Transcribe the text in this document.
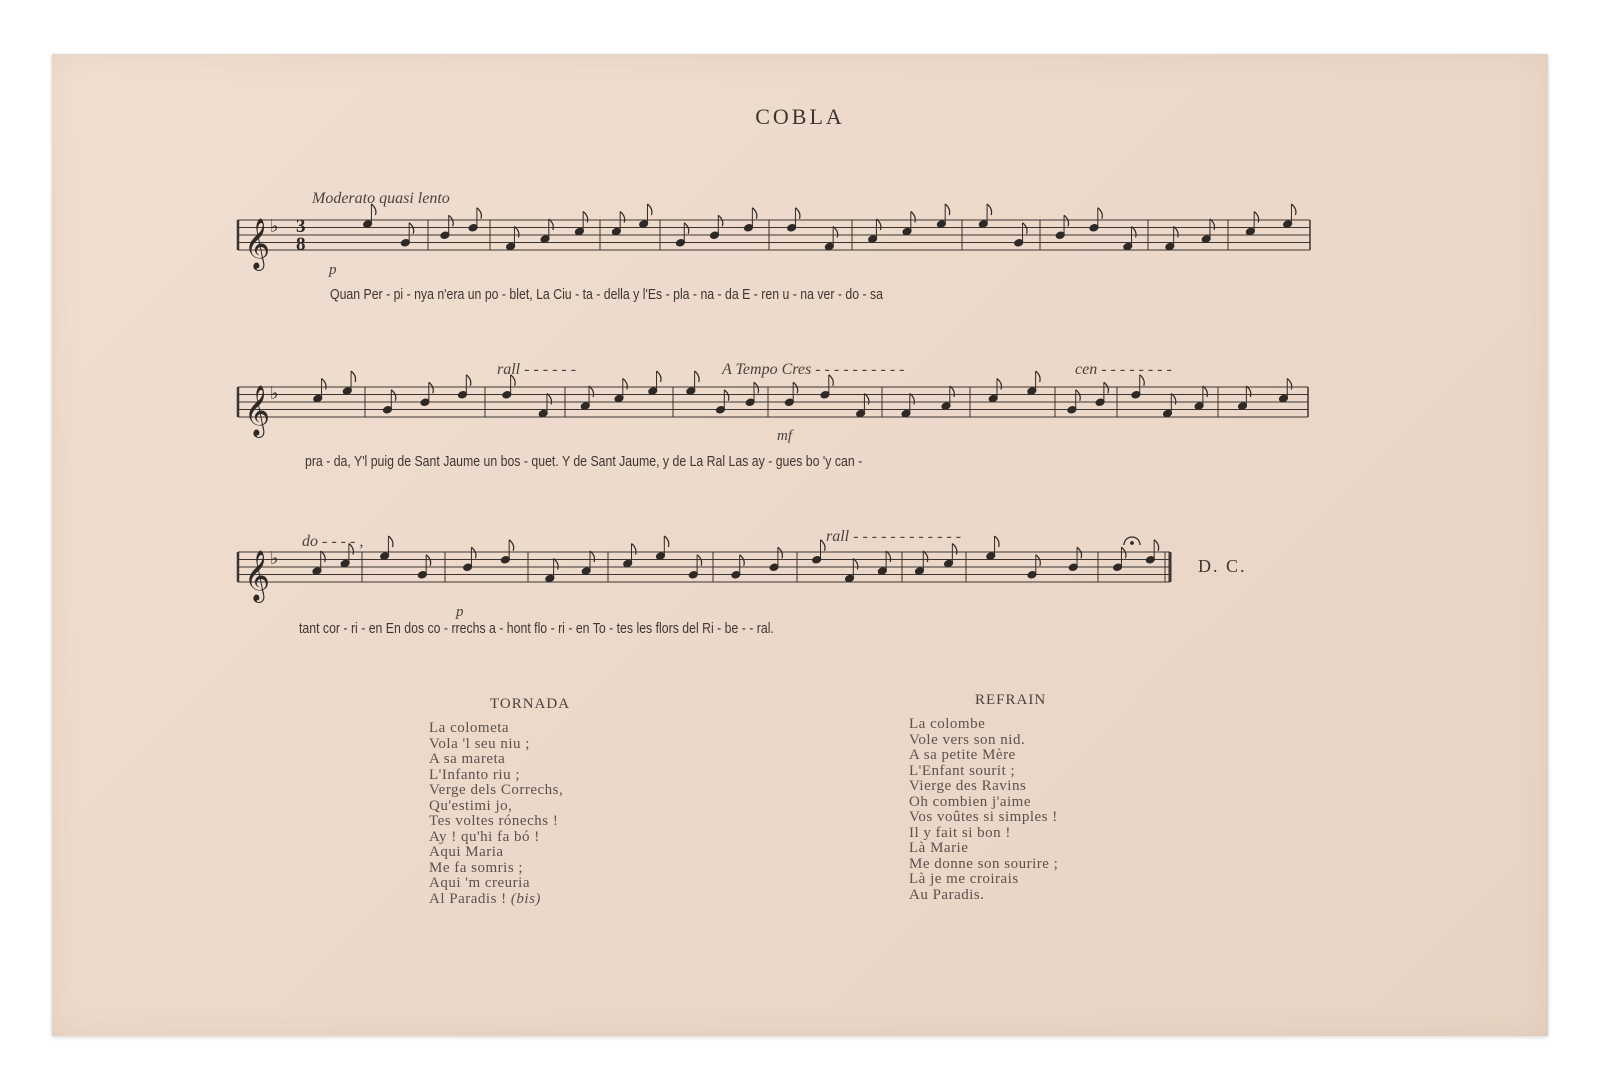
COBLA
Moderato quasi lento
𝄞 ♭
𝄞 ♭
𝄞 ♭
3
8
rall - - - - - -	A Tempo Cres - - - - - - - - - -	cen - - - - - - - -
do - - - - ,	rall - - - - - - - - - - - -
p
mf
p
D. C.
Quan Per - pi - nya n'era un po - blet, La Ciu - ta - della y l'Es - pla - na - da E - ren u - na ver - do - sa
pra - da, Y'l puig de Sant Jaume un bos - quet. Y de Sant Jaume, y de La Ral Las ay - gues bo 'y can -
tant cor - ri - en En dos co - rrechs a - hont flo - ri - en To - tes les flors del Ri - be - - ral.
TORNADA
La colometa
Vola 'l seu niu ;
A sa mareta
L'Infanto riu ;
Verge dels Correchs,
Qu'estimi jo,
Tes voltes rónechs !
Ay ! qu'hi fa bó !
Aqui Maria
Me fa somris ;
Aqui 'm creuria
Al Paradis ! (bis)
REFRAIN
La colombe
Vole vers son nid.
A sa petite Mère
L'Enfant sourit ;
Vierge des Ravins
Oh combien j'aime
Vos voûtes si simples !
Il y fait si bon !
Là Marie
Me donne son sourire ;
Là je me croirais
Au Paradis.
